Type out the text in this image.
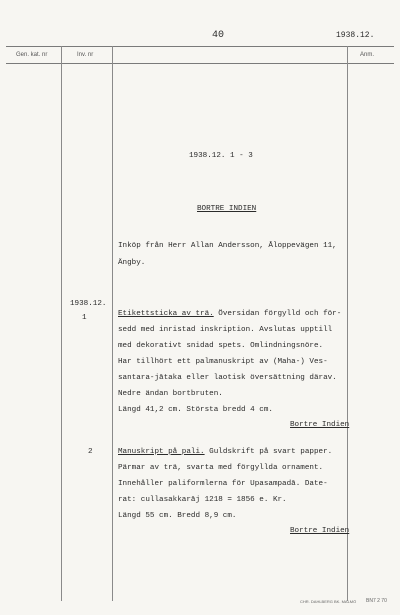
40	1938.12.
Gen. kat. nr	Inv. nr	Anm.
1938.12. 1 - 3
BORTRE INDIEN
Inköp från Herr Allan Andersson, Åloppevägen 11,
Ängby.
1938.12.
1	Etikettsticka av trä. Översidan förgylld och för-
sedd med inristad inskription. Avslutas upptill
med dekorativt snidad spets. Omlindningsnöre.
Har tillhört ett palmanuskript av (Maha-) Ves-
santara-jātaka eller laotisk översättning därav.
Nedre ändan bortbruten.
Längd 41,2 cm. Största bredd 4 cm.
Bortre Indien
2	Manuskript på pali. Guldskrift på svart papper.
Pärmar av trä, svarta med förgyllda ornament.
Innehåller paliformlerna för Upasampadā. Date-
rat: cullasakkarāj 1218 = 1856 e. Kr.
Längd 55 cm. Bredd 8,9 cm.
Bortre Indien
CHR. DAHLBERG BK. MALMÖ BN7 2 70
